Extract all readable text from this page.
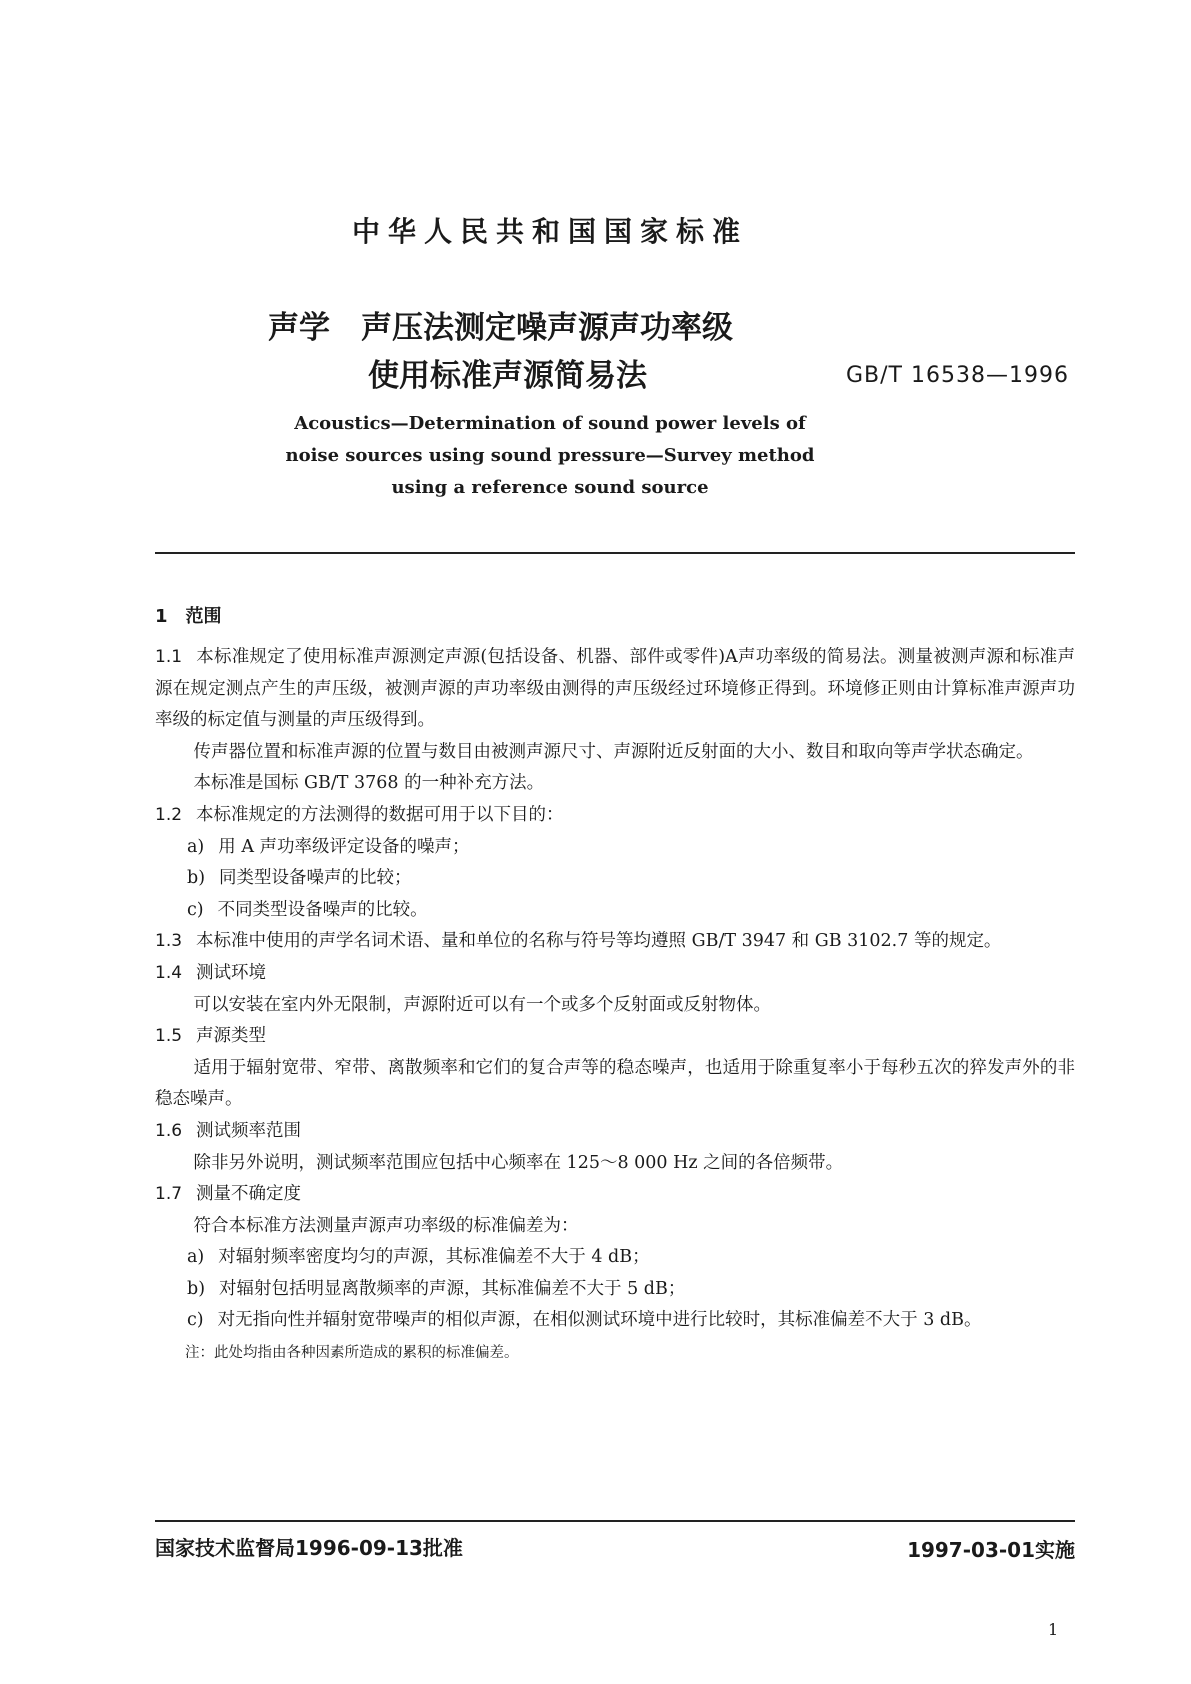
中华人民共和国国家标准
声学　声压法测定噪声源声功率级
使用标准声源简易法	GB/T 16538—1996
Acoustics—Determination of sound power levels of
noise sources using sound pressure—Survey method
using a reference sound source
1 范围

1.1 本标准规定了使用标准声源测定声源(包括设备、机器、部件或零件)A声功率级的简易法。测量被测声源和标准声源在规定测点产生的声压级，被测声源的声功率级由测得的声压级经过环境修正得到。环境修正则由计算标准声源声功率级的标定值与测量的声压级得到。

传声器位置和标准声源的位置与数目由被测声源尺寸、声源附近反射面的大小、数目和取向等声学状态确定。

本标准是国标 GB/T 3768 的一种补充方法。

1.2 本标准规定的方法测得的数据可用于以下目的：

a) 用 A 声功率级评定设备的噪声；

b) 同类型设备噪声的比较；

c) 不同类型设备噪声的比较。

1.3 本标准中使用的声学名词术语、量和单位的名称与符号等均遵照 GB/T 3947 和 GB 3102.7 等的规定。

1.4 测试环境

可以安装在室内外无限制，声源附近可以有一个或多个反射面或反射物体。

1.5 声源类型

适用于辐射宽带、窄带、离散频率和它们的复合声等的稳态噪声，也适用于除重复率小于每秒五次的猝发声外的非稳态噪声。

1.6 测试频率范围

除非另外说明，测试频率范围应包括中心频率在 125～8 000 Hz 之间的各倍频带。

1.7 测量不确定度

符合本标准方法测量声源声功率级的标准偏差为：

a) 对辐射频率密度均匀的声源，其标准偏差不大于 4 dB；

b) 对辐射包括明显离散频率的声源，其标准偏差不大于 5 dB；

c) 对无指向性并辐射宽带噪声的相似声源，在相似测试环境中进行比较时，其标准偏差不大于 3 dB。

注：此处均指由各种因素所造成的累积的标准偏差。

国家技术监督局1996-09-13批准	1997-03-01实施
1
